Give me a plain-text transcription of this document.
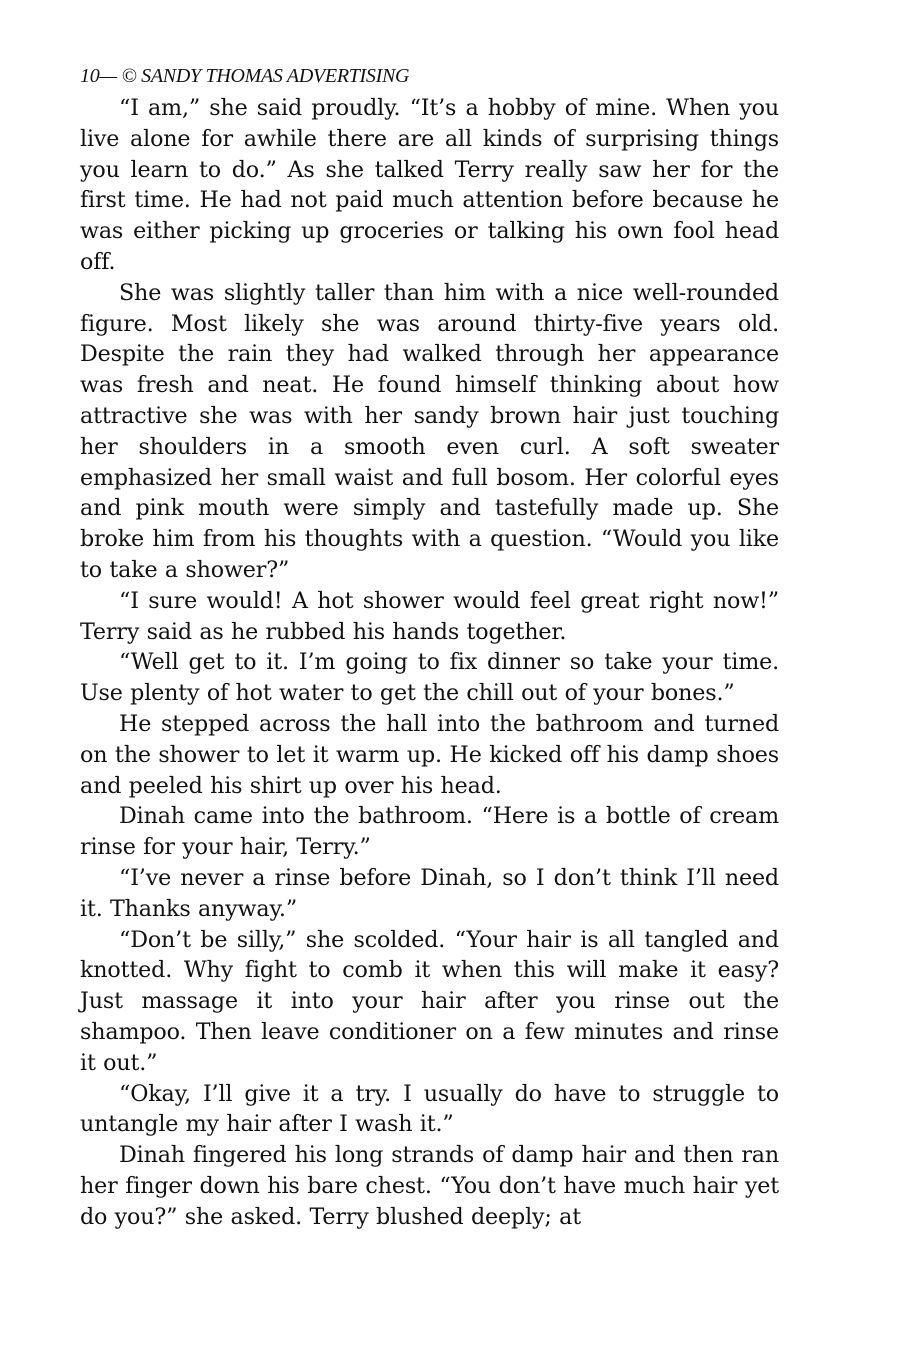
10— © SANDY THOMAS ADVERTISING

“I am,” she said proudly. “It’s a hobby of mine. When you live alone for awhile there are all kinds of surprising things you learn to do.” As she talked Terry really saw her for the first time. He had not paid much attention before because he was either picking up groceries or talking his own fool head off.

She was slightly taller than him with a nice well-rounded figure. Most likely she was around thirty-five years old. Despite the rain they had walked through her appearance was fresh and neat. He found himself thinking about how attractive she was with her sandy brown hair just touching her shoulders in a smooth even curl. A soft sweater emphasized her small waist and full bosom. Her colorful eyes and pink mouth were simply and tastefully made up. She broke him from his thoughts with a question. “Would you like to take a shower?”

“I sure would! A hot shower would feel great right now!” Terry said as he rubbed his hands together.

“Well get to it. I’m going to fix dinner so take your time. Use plenty of hot water to get the chill out of your bones.”

He stepped across the hall into the bathroom and turned on the shower to let it warm up. He kicked off his damp shoes and peeled his shirt up over his head.

Dinah came into the bathroom. “Here is a bottle of cream rinse for your hair, Terry.”

“I’ve never a rinse before Dinah, so I don’t think I’ll need it. Thanks anyway.”

“Don’t be silly,” she scolded. “Your hair is all tangled and knotted. Why fight to comb it when this will make it easy? Just massage it into your hair after you rinse out the shampoo. Then leave conditioner on a few minutes and rinse it out.”

“Okay, I’ll give it a try. I usually do have to struggle to untangle my hair after I wash it.”

Dinah fingered his long strands of damp hair and then ran her finger down his bare chest. “You don’t have much hair yet do you?” she asked. Terry blushed deeply; at
